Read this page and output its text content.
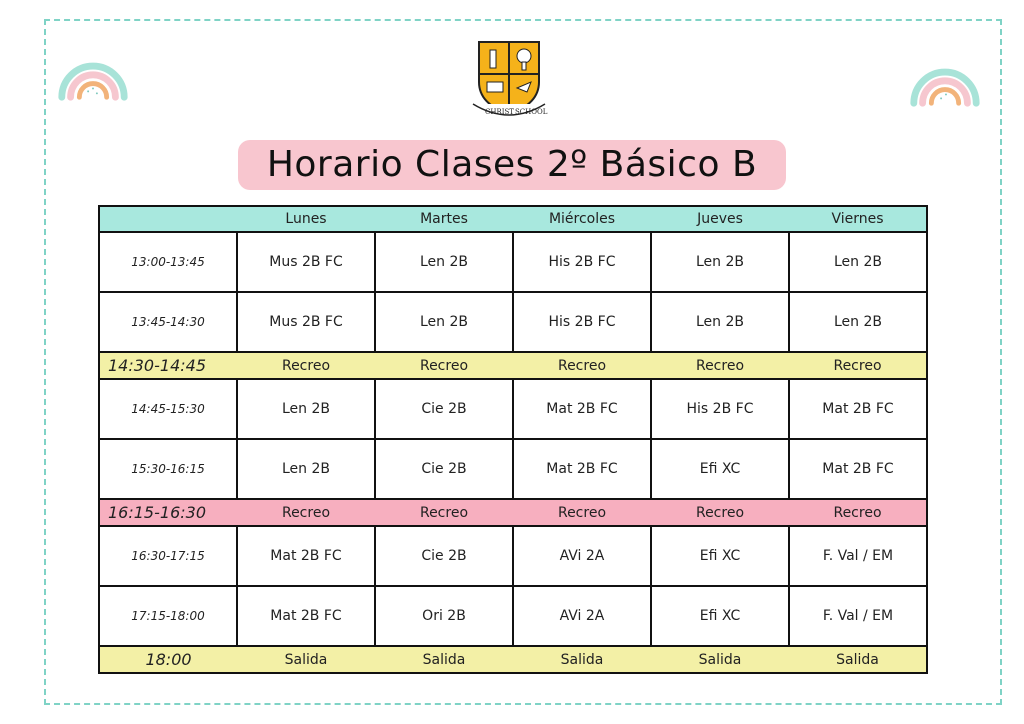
CHRIST SCHOOL
Horario Clases 2º Básico B
	Lunes	Martes	Miércoles	Jueves	Viernes
13:00-13:45	Mus 2B FC	Len 2B	His 2B FC	Len 2B	Len 2B
13:45-14:30	Mus 2B FC	Len 2B	His 2B FC	Len 2B	Len 2B
14:30-14:45	Recreo	Recreo	Recreo	Recreo	Recreo
14:45-15:30	Len 2B	Cie 2B	Mat 2B FC	His 2B FC	Mat 2B FC
15:30-16:15	Len 2B	Cie 2B	Mat 2B FC	Efi XC	Mat 2B FC
16:15-16:30	Recreo	Recreo	Recreo	Recreo	Recreo
16:30-17:15	Mat 2B FC	Cie 2B	AVi 2A	Efi XC	F. Val / EM
17:15-18:00	Mat 2B FC	Ori 2B	AVi 2A	Efi XC	F. Val / EM
18:00	Salida	Salida	Salida	Salida	Salida
